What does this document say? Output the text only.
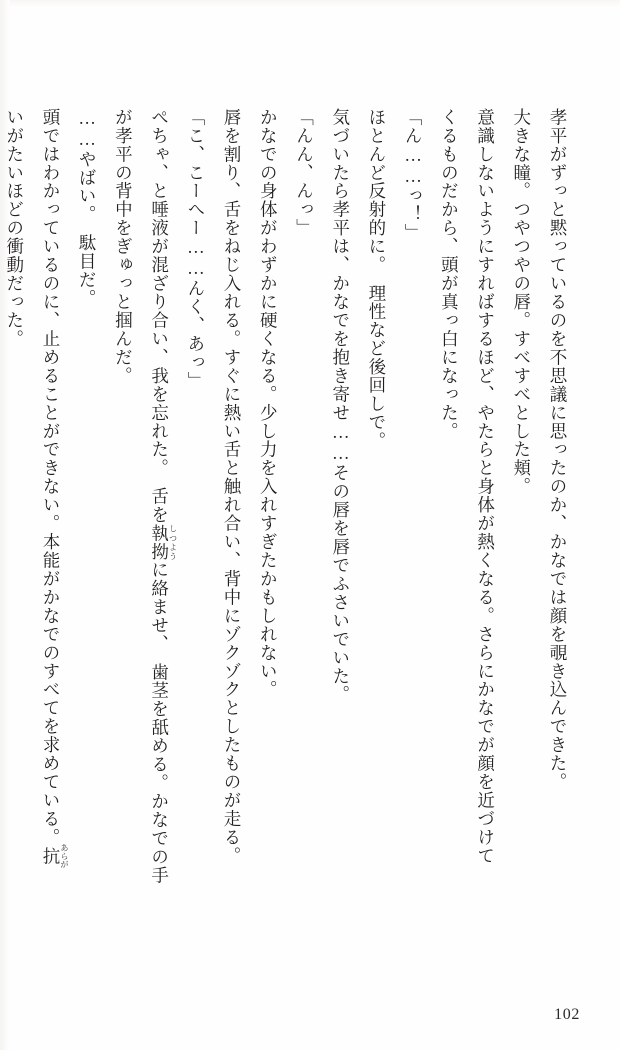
孝平がずっと黙っているのを不思議に思ったのか、かなでは顔を覗き込んできた。

大きな瞳。つやつやの唇。すべすべとした頬。

意識しないようにすればするほど、やたらと身体が熱くなる。さらにかなでが顔を近づけて

くるものだから、頭が真っ白になった。

「ん……っ！」

ほとんど反射的に。　理性など後回しで。

気づいたら孝平は、かなでを抱き寄せ……その唇を唇でふさいでいた。

「んん、んっ」

かなでの身体がわずかに硬くなる。少し力を入れすぎたかもしれない。

唇を割り、舌をねじ入れる。すぐに熱い舌と触れ合い、背中にゾクゾクとしたものが走る。

「こ、こーへー……んく、あっ」

ぺちゃ、と唾液が混ざり合い、我を忘れた。　舌を執拗 しつように絡ませ、　歯茎を舐める。かなでの手

が孝平の背中をぎゅっと掴んだ。

……やばい。　駄目だ。

頭ではわかっているのに、止めることができない。本能がかなでのすべてを求めている。抗 あらが

いがたいほどの衝動だった。

102
